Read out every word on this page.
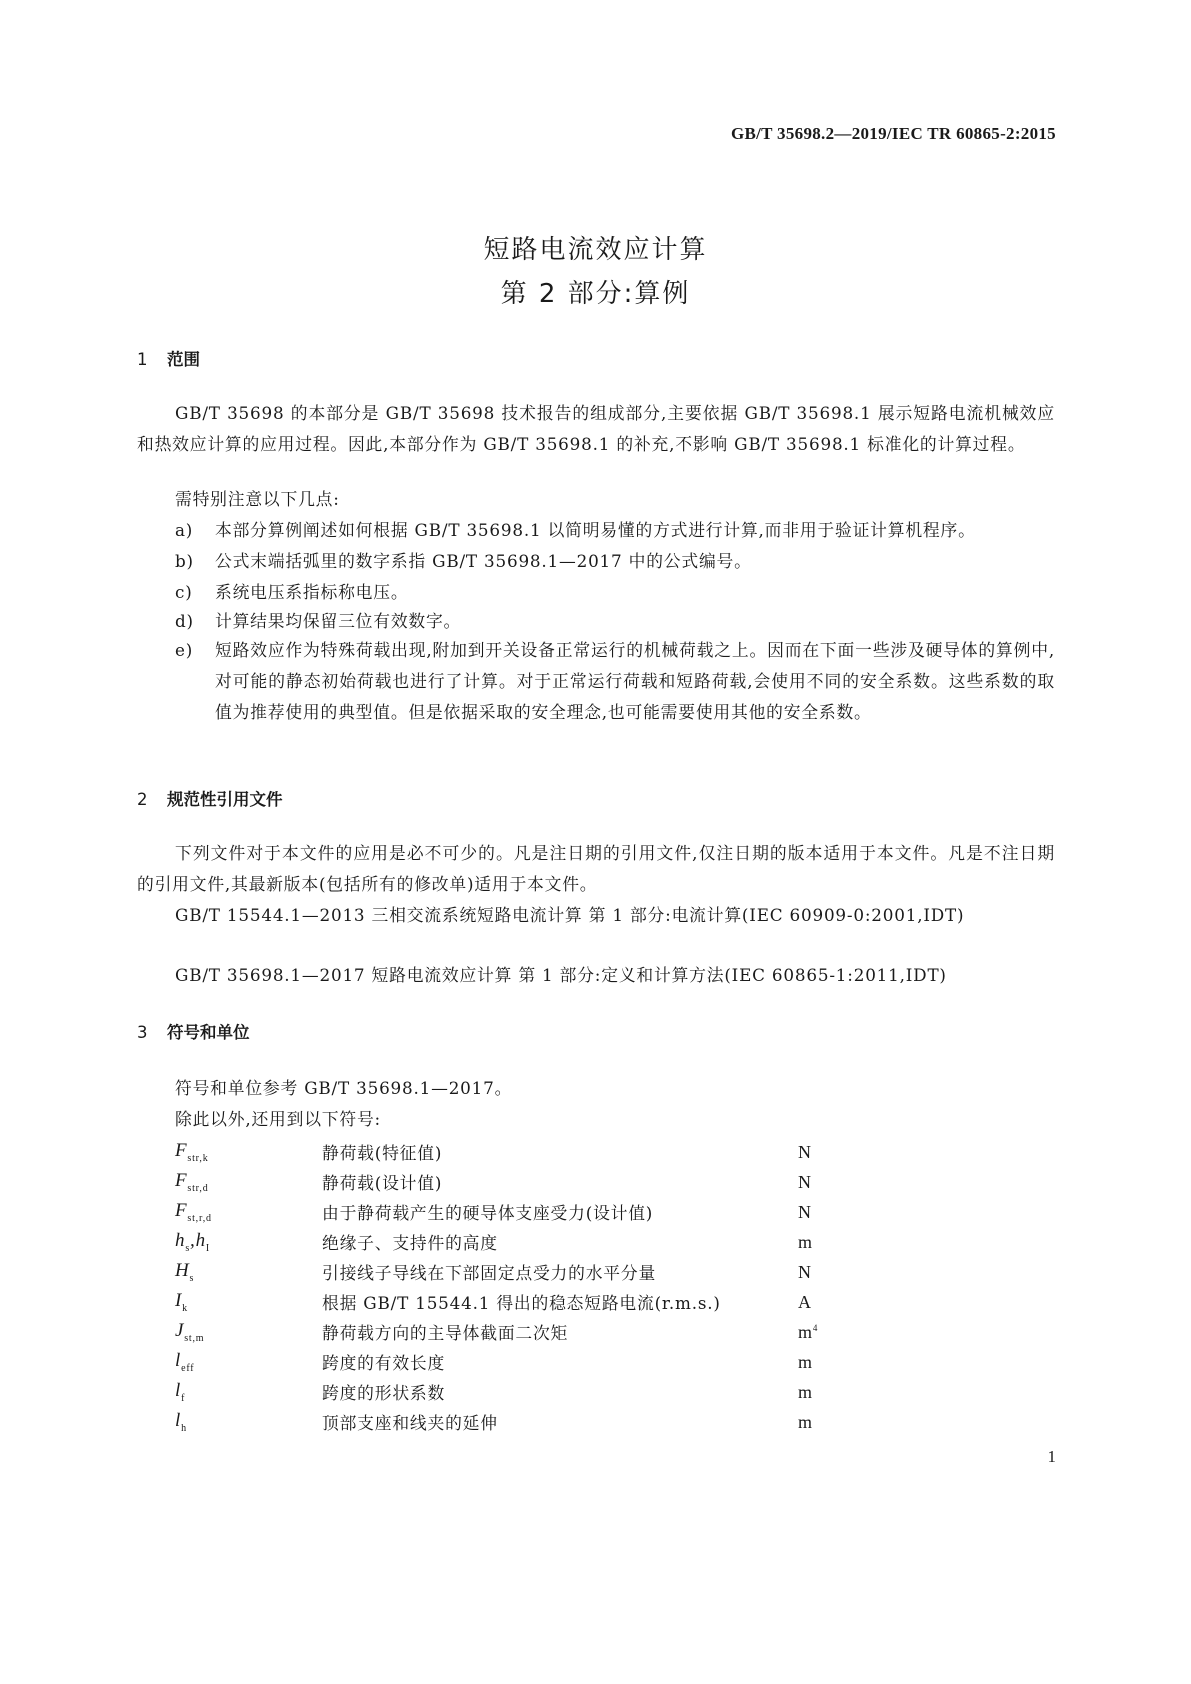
GB/T 35698.2—2019/IEC TR 60865-2:2015
短路电流效应计算
第 2 部分:算例
1 范围

GB/T 35698 的本部分是 GB/T 35698 技术报告的组成部分,主要依据 GB/T 35698.1 展示短路电流机械效应和热效应计算的应用过程。因此,本部分作为 GB/T 35698.1 的补充,不影响 GB/T 35698.1 标准化的计算过程。

需特别注意以下几点:
a)	本部分算例阐述如何根据 GB/T 35698.1 以简明易懂的方式进行计算,而非用于验证计算机程序。
b)	公式末端括弧里的数字系指 GB/T 35698.1—2017 中的公式编号。
c)	系统电压系指标称电压。
d)	计算结果均保留三位有效数字。
e)	短路效应作为特殊荷载出现,附加到开关设备正常运行的机械荷载之上。因而在下面一些涉及硬导体的算例中,对可能的静态初始荷载也进行了计算。对于正常运行荷载和短路荷载,会使用不同的安全系数。这些系数的取值为推荐使用的典型值。但是依据采取的安全理念,也可能需要使用其他的安全系数。
2 规范性引用文件

下列文件对于本文件的应用是必不可少的。凡是注日期的引用文件,仅注日期的版本适用于本文件。凡是不注日期的引用文件,其最新版本(包括所有的修改单)适用于本文件。

GB/T 15544.1—2013 三相交流系统短路电流计算 第 1 部分:电流计算(IEC 60909-0:2001,IDT)
GB/T 35698.1—2017 短路电流效应计算 第 1 部分:定义和计算方法(IEC 60865-1:2011,IDT)
3 符号和单位
符号和单位参考 GB/T 35698.1—2017。
除此以外,还用到以下符号:
$F_{str,k}$	静荷载(特征值)	N
$F_{str,d}$	静荷载(设计值)	N
$F_{st,r,d}$	由于静荷载产生的硬导体支座受力(设计值)	N
$h_s,h_I$	绝缘子、支持件的高度	m
$H_s$	引接线子导线在下部固定点受力的水平分量	N
$I_k$	根据 GB/T 15544.1 得出的稳态短路电流(r.m.s.)	A
$J_{st,m}$	静荷载方向的主导体截面二次矩	$m^4$
$l_{eff}$	跨度的有效长度	m
$l_f$	跨度的形状系数	m
$l_h$	顶部支座和线夹的延伸	m
1
